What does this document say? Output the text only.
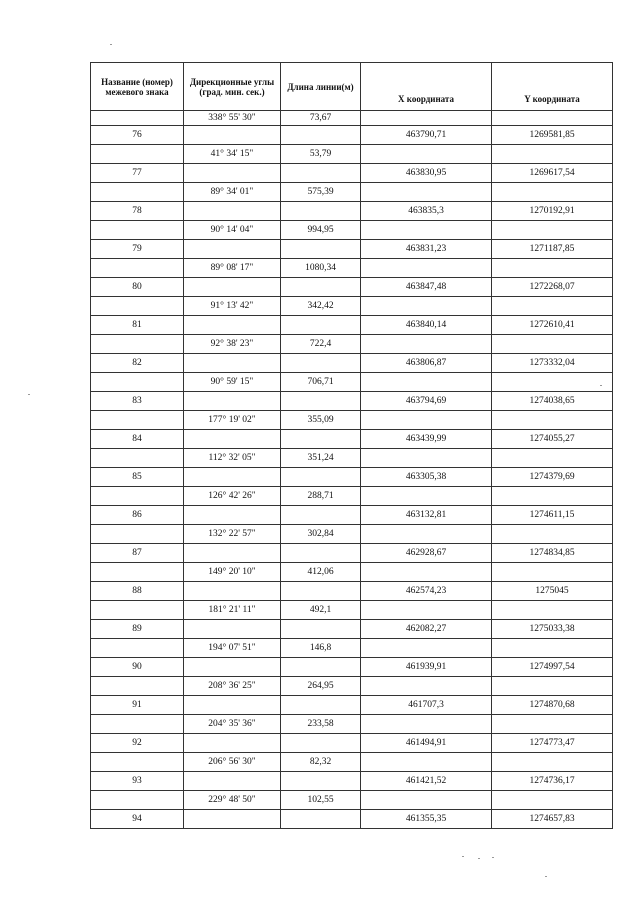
Название (номер) межевого знака	Дирекционные углы (град. мин. сек.)	Длина линии(м)	X координата	Y координата
	338° 55' 30"	73,67		
76			463790,71	1269581,85
	41° 34' 15"	53,79		
77			463830,95	1269617,54
	89° 34' 01"	575,39		
78			463835,3	1270192,91
	90° 14' 04"	994,95		
79			463831,23	1271187,85
	89° 08' 17"	1080,34		
80			463847,48	1272268,07
	91° 13' 42"	342,42		
81			463840,14	1272610,41
	92° 38' 23"	722,4		
82			463806,87	1273332,04
	90° 59' 15"	706,71		
83			463794,69	1274038,65
	177° 19' 02"	355,09		
84			463439,99	1274055,27
	112° 32' 05"	351,24		
85			463305,38	1274379,69
	126° 42' 26"	288,71		
86			463132,81	1274611,15
	132° 22' 57"	302,84		
87			462928,67	1274834,85
	149° 20' 10"	412,06		
88			462574,23	1275045
	181° 21' 11"	492,1		
89			462082,27	1275033,38
	194° 07' 51"	146,8		
90			461939,91	1274997,54
	208° 36' 25"	264,95		
91			461707,3	1274870,68
	204° 35' 36"	233,58		
92			461494,91	1274773,47
	206° 56' 30"	82,32		
93			461421,52	1274736,17
	229° 48' 50"	102,55		
94			461355,35	1274657,83
